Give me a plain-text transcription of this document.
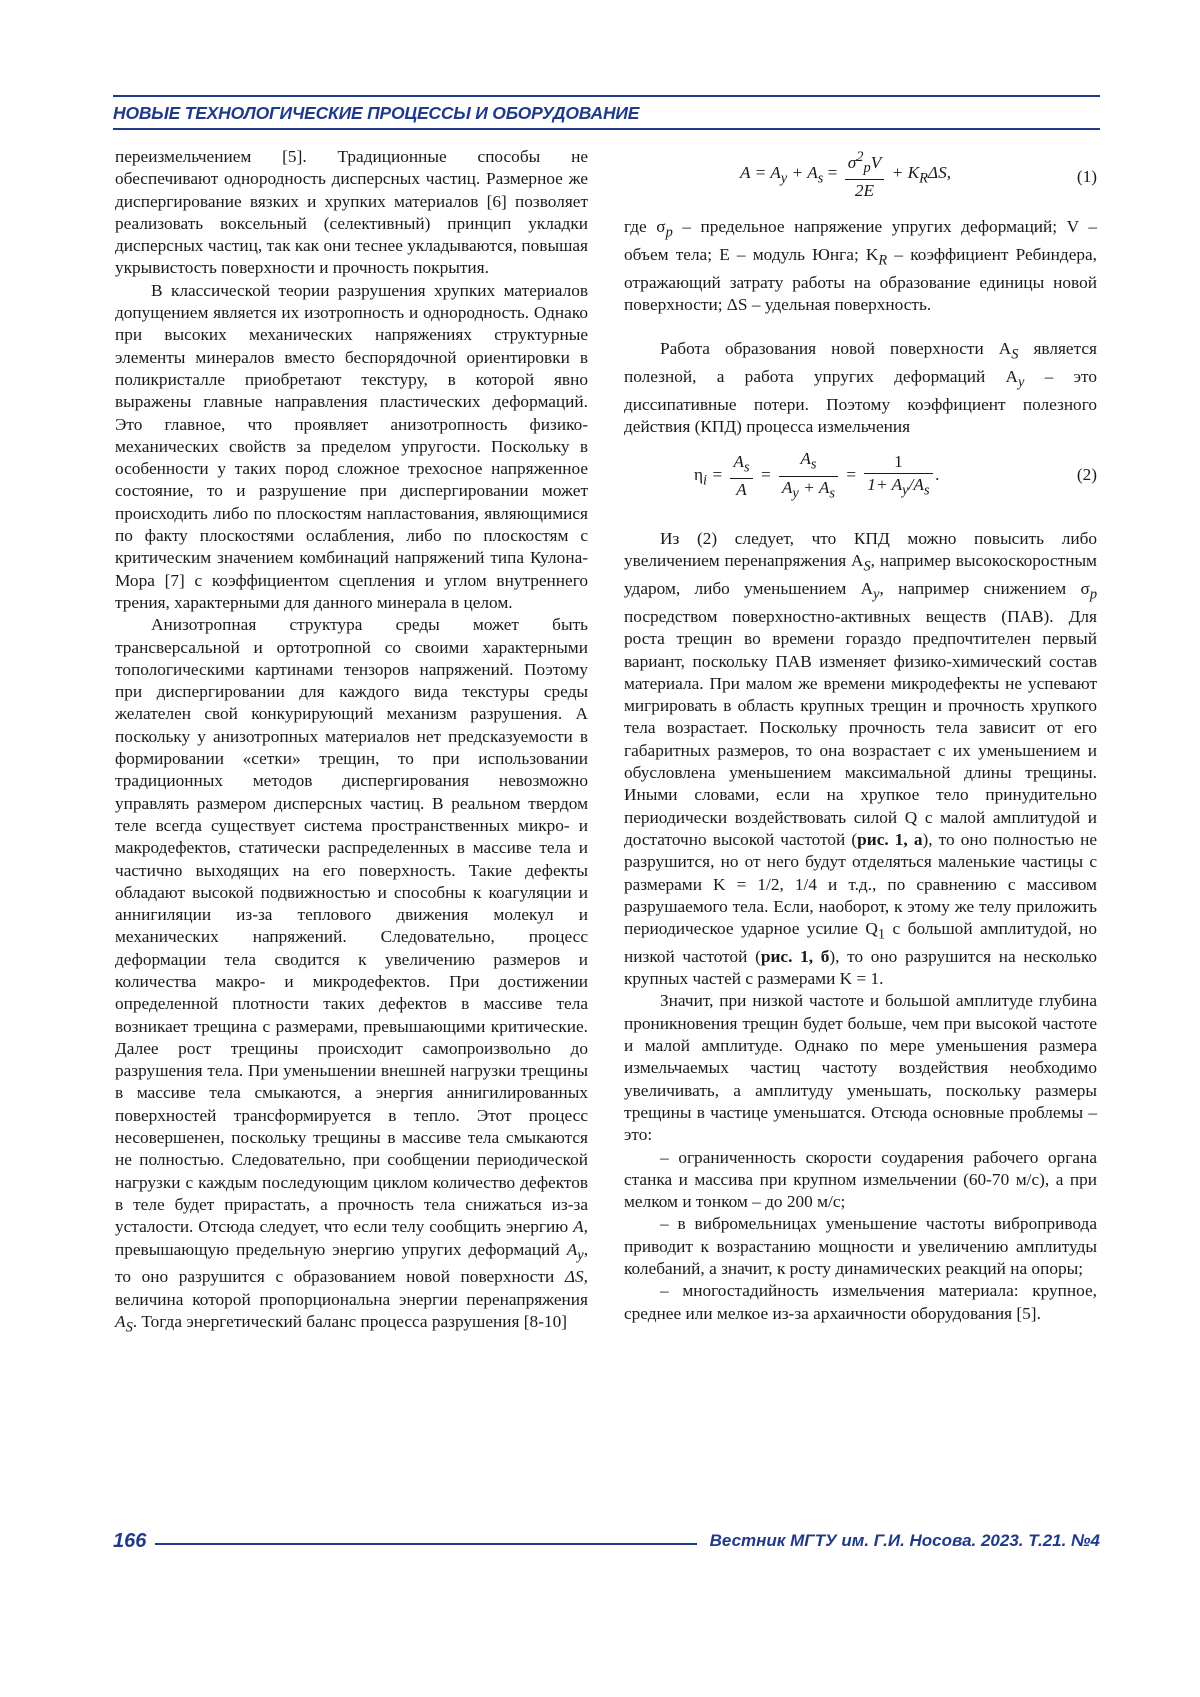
НОВЫЕ ТЕХНОЛОГИЧЕСКИЕ ПРОЦЕССЫ И ОБОРУДОВАНИЕ

переизмельчением [5]. Традиционные способы не обеспечивают однородность дисперсных частиц. Размерное же диспергирование вязких и хрупких материалов [6] позволяет реализовать воксельный (селективный) принцип укладки дисперсных частиц, так как они теснее укладываются, повышая укрывистость поверхности и прочность покрытия.

В классической теории разрушения хрупких материалов допущением является их изотропность и однородность. Однако при высоких механических напряжениях структурные элементы минералов вместо беспорядочной ориентировки в поликристалле приобретают текстуру, в которой явно выражены главные направления пластических деформаций. Это главное, что проявляет анизотропность физико-механических свойств за пределом упругости. Поскольку в особенности у таких пород сложное трехосное напряженное состояние, то и разрушение при диспергировании может происходить либо по плоскостям напластования, являющимися по факту плоскостями ослабления, либо по плоскостям с критическим значением комбинаций напряжений типа Кулона-Мора [7] с коэффициентом сцепления и углом внутреннего трения, характерными для данного минерала в целом.

Анизотропная структура среды может быть трансверсальной и ортотропной со своими характерными топологическими картинами тензоров напряжений. Поэтому при диспергировании для каждого вида текстуры среды желателен свой конкурирующий механизм разрушения. А поскольку у анизотропных материалов нет предсказуемости в формировании «сетки» трещин, то при использовании традиционных методов диспергирования невозможно управлять размером дисперсных частиц. В реальном твердом теле всегда существует система пространственных микро- и макродефектов, статически распределенных в массиве тела и частично выходящих на его поверхность. Такие дефекты обладают высокой подвижностью и способны к коагуляции и аннигиляции из-за теплового движения молекул и механических напряжений. Следовательно, процесс деформации тела сводится к увеличению размеров и количества макро- и микродефектов. При достижении определенной плотности таких дефектов в массиве тела возникает трещина с размерами, превышающими критические. Далее рост трещины происходит самопроизвольно до разрушения тела. При уменьшении внешней нагрузки трещины в массиве тела смыкаются, а энергия аннигилированных поверхностей трансформируется в тепло. Этот процесс несовершенен, поскольку трещины в массиве тела смыкаются не полностью. Следовательно, при сообщении периодической нагрузки с каждым последующим циклом количество дефектов в теле будет прирастать, а прочность тела снижаться из-за усталости. Отсюда следует, что если телу сообщить энергию A, превышающую предельную энергию упругих деформаций Ay, то оно разрушится с образованием новой поверхности ΔS, величина которой пропорциональна энергии перенапряжения AS. Тогда энергетический баланс процесса разрушения [8-10]

A = Ay + As =
σ2pV
2E
+ KRΔS,	(1)

где σp – предельное напряжение упругих деформаций; V – объем тела; E – модуль Юнга; KR – коэффициент Ребиндера, отражающий затрату работы на образование единицы новой поверхности; ΔS – удельная поверхность.

Работа образования новой поверхности AS является полезной, а работа упругих деформаций Ay – это диссипативные потери. Поэтому коэффициент полезного действия (КПД) процесса измельчения

ηi =
As
A
=
As
Ay + As
=
1
1+ Ay/As
.	(2)

Из (2) следует, что КПД можно повысить либо увеличением перенапряжения AS, например высокоскоростным ударом, либо уменьшением Ay, например снижением σp посредством поверхностно-активных веществ (ПАВ). Для роста трещин во времени гораздо предпочтителен первый вариант, поскольку ПАВ изменяет физико-химический состав материала. При малом же времени микродефекты не успевают мигрировать в область крупных трещин и прочность хрупкого тела возрастает. Поскольку прочность тела зависит от его габаритных размеров, то она возрастает с их уменьшением и обусловлена уменьшением максимальной длины трещины. Иными словами, если на хрупкое тело принудительно периодически воздействовать силой Q с малой амплитудой и достаточно высокой частотой (рис. 1, а), то оно полностью не разрушится, но от него будут отделяться маленькие частицы с размерами K = 1/2, 1/4 и т.д., по сравнению с массивом разрушаемого тела. Если, наоборот, к этому же телу приложить периодическое ударное усилие Q1 с большой амплитудой, но низкой частотой (рис. 1, б), то оно разрушится на несколько крупных частей с размерами K = 1.

Значит, при низкой частоте и большой амплитуде глубина проникновения трещин будет больше, чем при высокой частоте и малой амплитуде. Однако по мере уменьшения размера измельчаемых частиц частоту воздействия необходимо увеличивать, а амплитуду уменьшать, поскольку размеры трещины в частице уменьшатся. Отсюда основные проблемы – это:

– ограниченность скорости соударения рабочего органа станка и массива при крупном измельчении (60-70 м/с), а при мелком и тонком – до 200 м/с;

– в вибромельницах уменьшение частоты вибропривода приводит к возрастанию мощности и увеличению амплитуды колебаний, а значит, к росту динамических реакций на опоры;

– многостадийность измельчения материала: крупное, среднее или мелкое из-за архаичности оборудования [5].

166	Вестник МГТУ им. Г.И. Носова. 2023. Т.21. №4
